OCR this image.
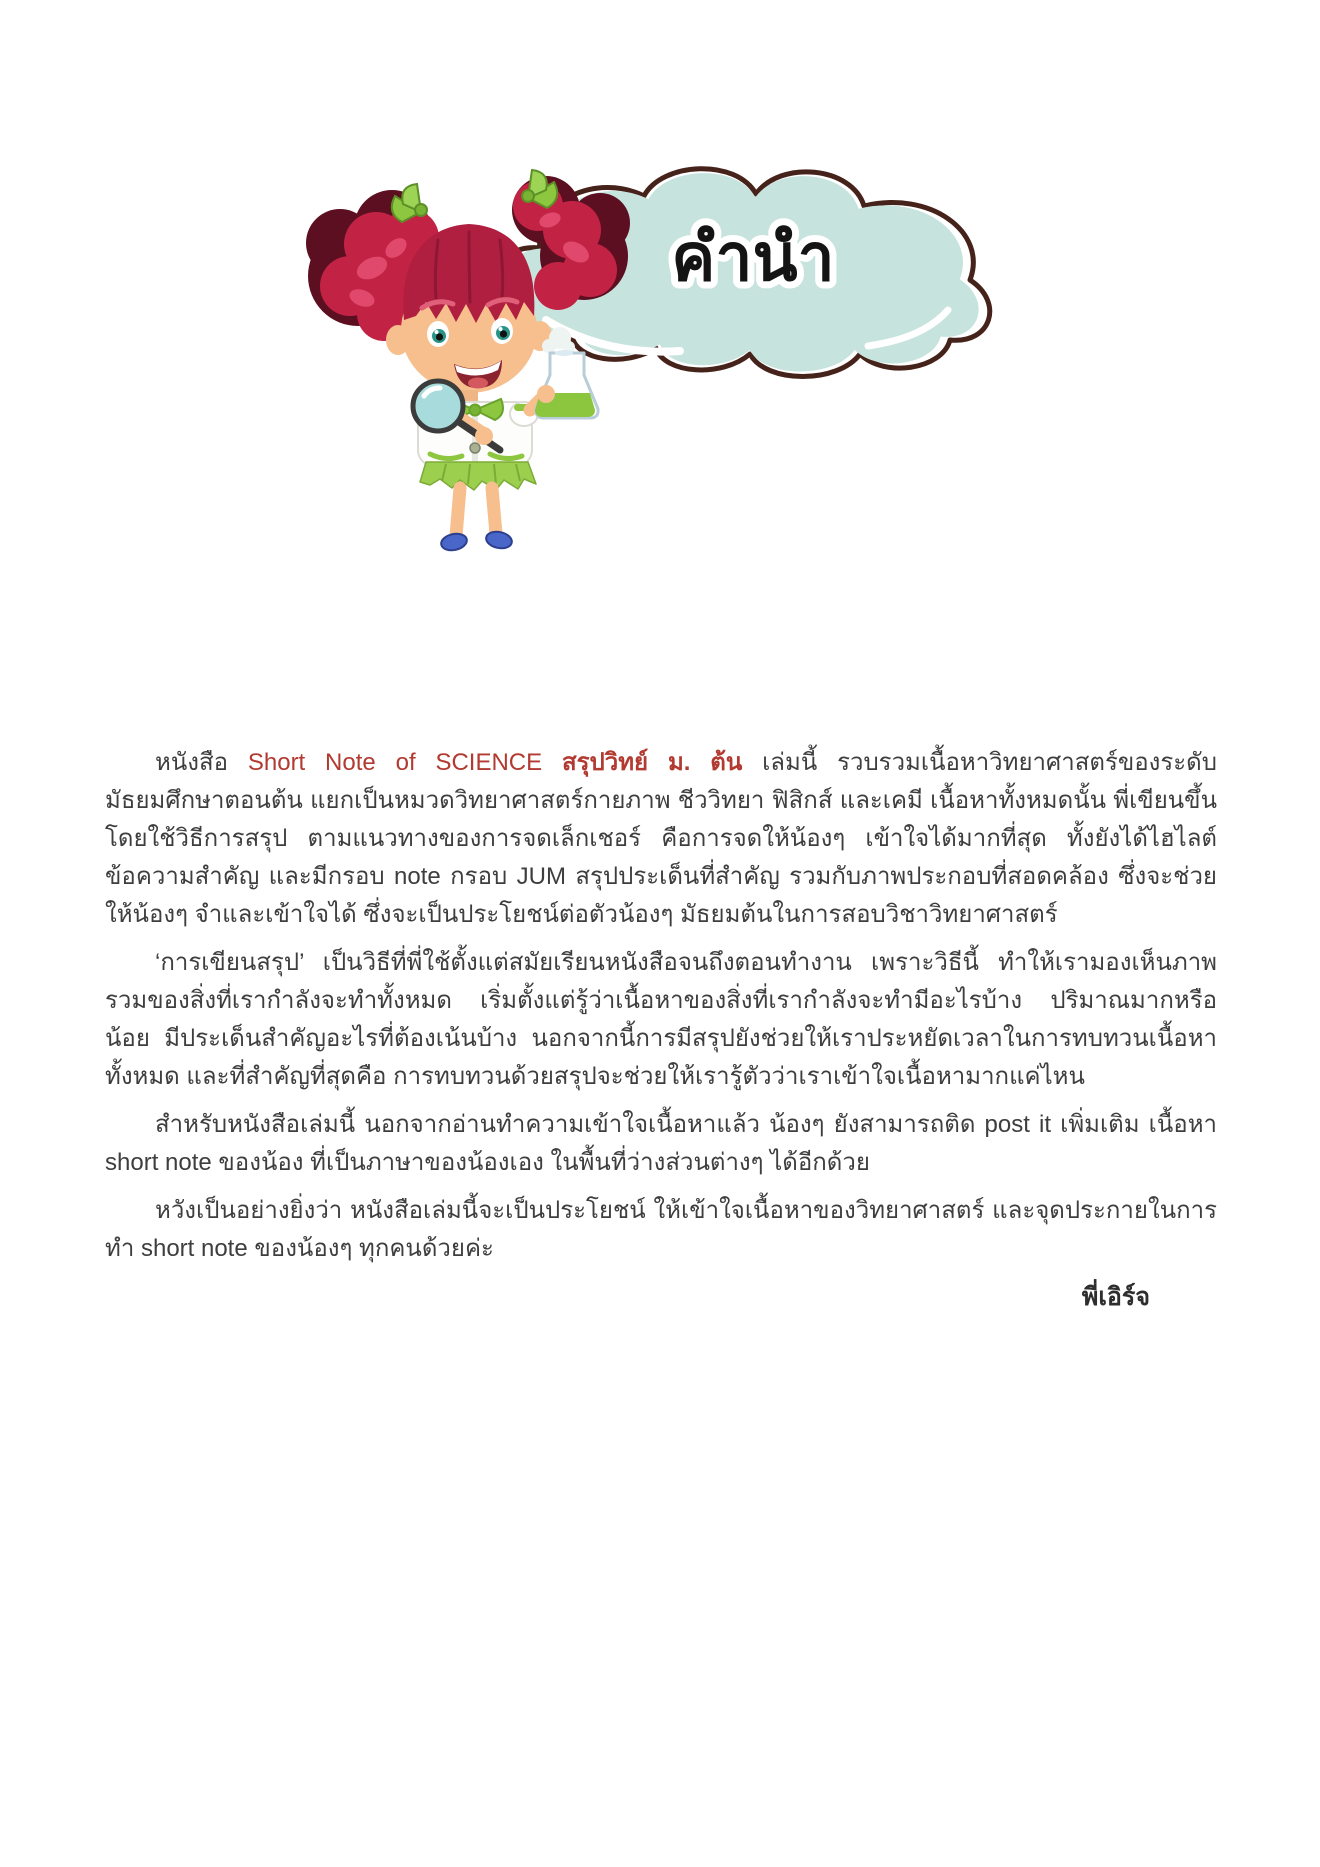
คำนำ

หนังสือ Short Note of SCIENCE สรุปวิทย์ ม. ต้น เล่มนี้ รวบรวมเนื้อหาวิทยาศาสตร์ของระดับมัธยมศึกษาตอนต้น แยกเป็นหมวดวิทยาศาสตร์กายภาพ ชีววิทยา ฟิสิกส์ และเคมี เนื้อหาทั้งหมดนั้น พี่เขียนขึ้นโดยใช้วิธีการสรุป ตามแนวทางของการจดเล็กเชอร์ คือการจดให้น้องๆ เข้าใจได้มากที่สุด ทั้งยังได้ไฮไลต์ข้อความสำคัญ และมีกรอบ note กรอบ JUM สรุปประเด็นที่สำคัญ รวมกับภาพประกอบที่สอดคล้อง ซึ่งจะช่วยให้น้องๆ จำและเข้าใจได้ ซึ่งจะเป็นประโยชน์ต่อตัวน้องๆ มัธยมต้นในการสอบวิชาวิทยาศาสตร์

‘การเขียนสรุป’ เป็นวิธีที่พี่ใช้ตั้งแต่สมัยเรียนหนังสือจนถึงตอนทำงาน เพราะวิธีนี้ ทำให้เรามองเห็นภาพรวมของสิ่งที่เรากำลังจะทำทั้งหมด เริ่มตั้งแต่รู้ว่าเนื้อหาของสิ่งที่เรากำลังจะทำมีอะไรบ้าง ปริมาณมากหรือน้อย มีประเด็นสำคัญอะไรที่ต้องเน้นบ้าง นอกจากนี้การมีสรุปยังช่วยให้เราประหยัดเวลาในการทบทวนเนื้อหาทั้งหมด และที่สำคัญที่สุดคือ การทบทวนด้วยสรุปจะช่วยให้เรารู้ตัวว่าเราเข้าใจเนื้อหามากแค่ไหน

สำหรับหนังสือเล่มนี้ นอกจากอ่านทำความเข้าใจเนื้อหาแล้ว น้องๆ ยังสามารถติด post it เพิ่มเติม เนื้อหา short note ของน้อง ที่เป็นภาษาของน้องเอง ในพื้นที่ว่างส่วนต่างๆ ได้อีกด้วย

หวังเป็นอย่างยิ่งว่า หนังสือเล่มนี้จะเป็นประโยชน์ ให้เข้าใจเนื้อหาของวิทยาศาสตร์ และจุดประกายในการทำ short note ของน้องๆ ทุกคนด้วยค่ะ

พี่เอิร์จ
